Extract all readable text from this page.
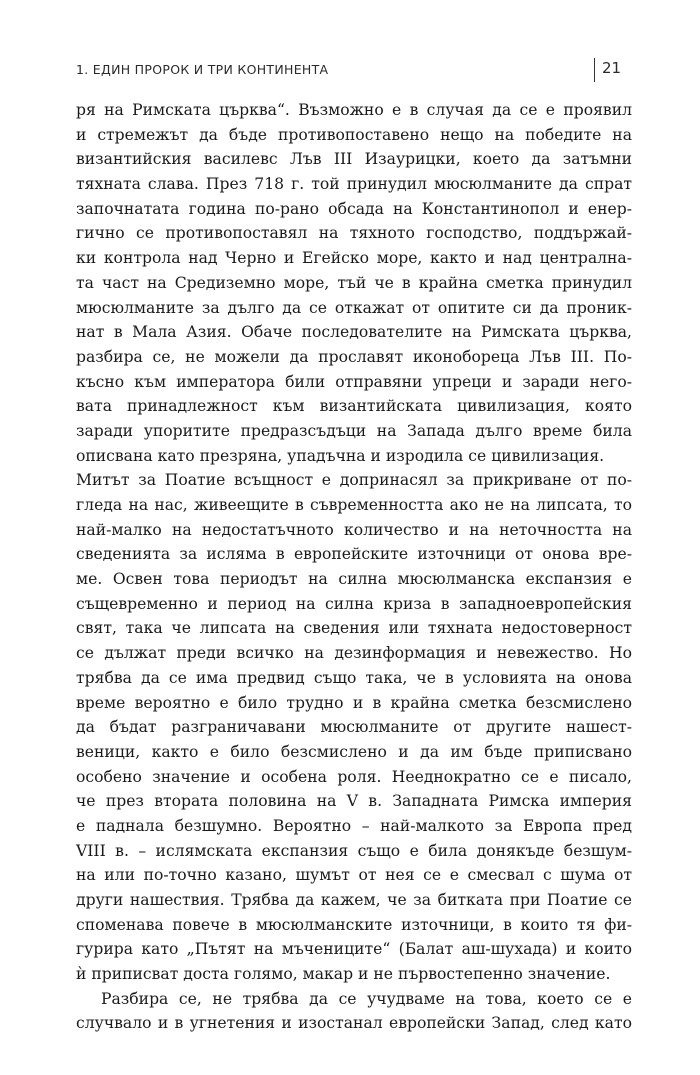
1. ЕДИН ПРОРОК И ТРИ КОНТИНЕНТА	21
ря на Римската църква“. Възможно е в случая да се е проявил
и стремежът да бъде противопоставено нещо на победите на
византийския василевс Лъв III Изаурицки, което да затъмни
тяхната слава. През 718 г. той принудил мюсюлманите да спрат
започнатата година по-рано обсада на Константинопол и енер-
гично се противопоставял на тяхното господство, поддържай-
ки контрола над Черно и Егейско море, както и над централна-
та част на Средиземно море, тъй че в крайна сметка принудил
мюсюлманите за дълго да се откажат от опитите си да проник-
нат в Мала Азия. Обаче последователите на Римската църква,
разбира се, не можели да прославят иконобореца Лъв III. По-
късно към императора били отправяни упреци и заради него-
вата принадлежност към византийската цивилизация, която
заради упоритите предразсъдъци на Запада дълго време била
описвана като презряна, упадъчна и изродила се цивилизация.
Митът за Поатие всъщност е допринасял за прикриване от по-
гледа на нас, живеещите в съвременността ако не на липсата, то
най-малко на недостатъчното количество и на неточността на
сведенията за исляма в европейските източници от онова вре-
ме. Освен това периодът на силна мюсюлманска експанзия е
същевременно и период на силна криза в западноевропейския
свят, така че липсата на сведения или тяхната недостоверност
се дължат преди всичко на дезинформация и невежество. Но
трябва да се има предвид също така, че в условията на онова
време вероятно е било трудно и в крайна сметка безсмислено
да бъдат разграничавани мюсюлманите от другите нашест-
веници, както е било безсмислено и да им бъде приписвано
особено значение и особена роля. Нееднократно се е писало,
че през втората половина на V в. Западната Римска империя
е паднала безшумно. Вероятно – най-малкото за Европа пред
VIII в. – ислямската експанзия също е била донякъде безшум-
на или по-точно казано, шумът от нея се е смесвал с шума от
други нашествия. Трябва да кажем, че за битката при Поатие се
споменава повече в мюсюлманските източници, в които тя фи-
гурира като „Пътят на мъчениците“ (Балат аш-шухада) и които
ѝ приписват доста голямо, макар и не първостепенно значение.
Разбира се, не трябва да се учудваме на това, което се е
случвало и в угнетения и изостанал европейски Запад, след като
